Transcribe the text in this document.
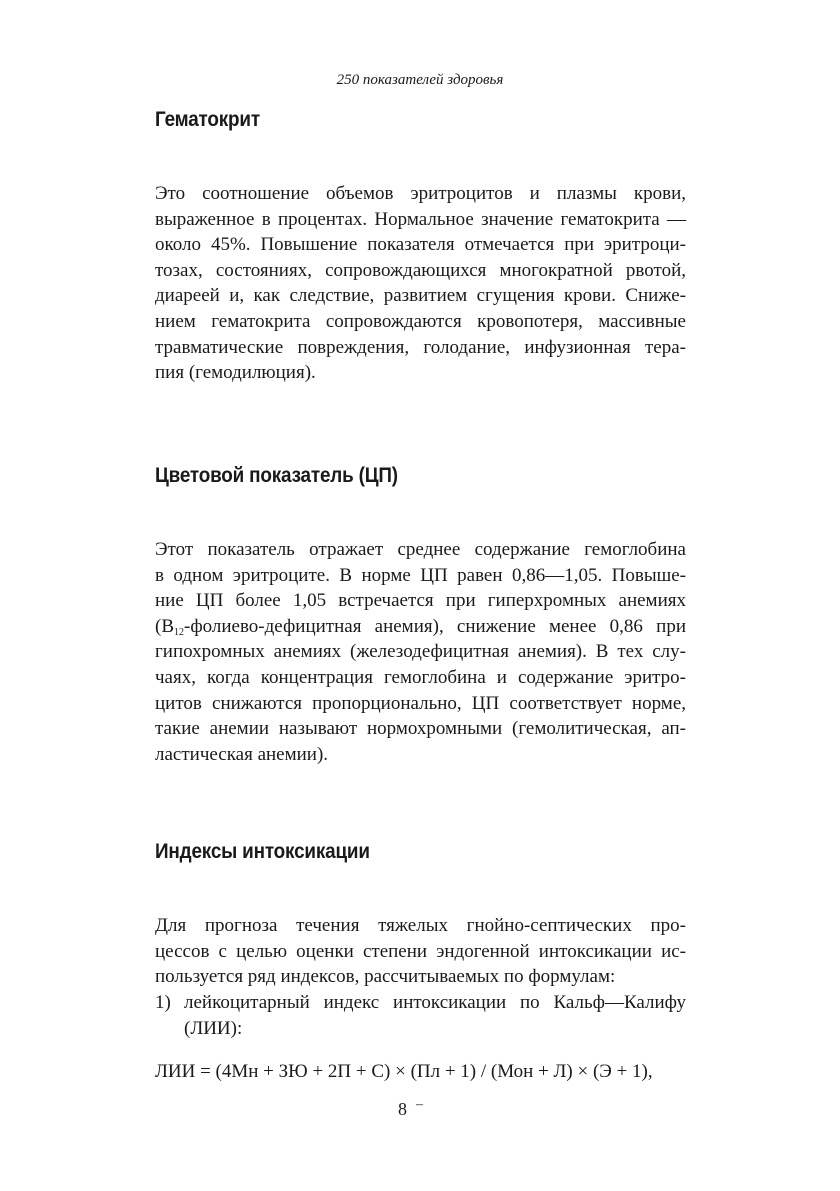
250 показателей здоровья
Гематокрит
Это соотношение объемов эритроцитов и плазмы крови,
выраженное в процентах. Нормальное значение гематокрита —
около 45%. Повышение показателя отмечается при эритроци-
тозах, состояниях, сопровождающихся многократной рвотой,
диареей и, как следствие, развитием сгущения крови. Сниже-
нием гематокрита сопровождаются кровопотеря, массивные
травматические повреждения, голодание, инфузионная тера-
пия (гемодилюция).
Цветовой показатель (ЦП)
Этот показатель отражает среднее содержание гемоглобина
в одном эритроците. В норме ЦП равен 0,86—1,05. Повыше-
ние ЦП более 1,05 встречается при гиперхромных анемиях
($B_{12}-фолиево$-дефицитная анемия), снижение менее 0,86 при
гипохромных анемиях (железодефицитная анемия). В тех слу-
чаях, когда концентрация гемоглобина и содержание эритро-
цитов снижаются пропорционально, ЦП соответствует норме,
такие анемии называют нормохромными (гемолитическая, ап-
ластическая анемии).
Индексы интоксикации
Для прогноза течения тяжелых гнойно-септических про-
цессов с целью оценки степени эндогенной интоксикации ис-
пользуется ряд индексов, рассчитываемых по формулам:
1) лейкоцитарный индекс интоксикации по Кальф—Калифу
(ЛИИ):
ЛИИ = (4Мн + ЗЮ + 2П + С) × (Пл + 1) / (Мон + Л) × (Э + 1),
8 –
